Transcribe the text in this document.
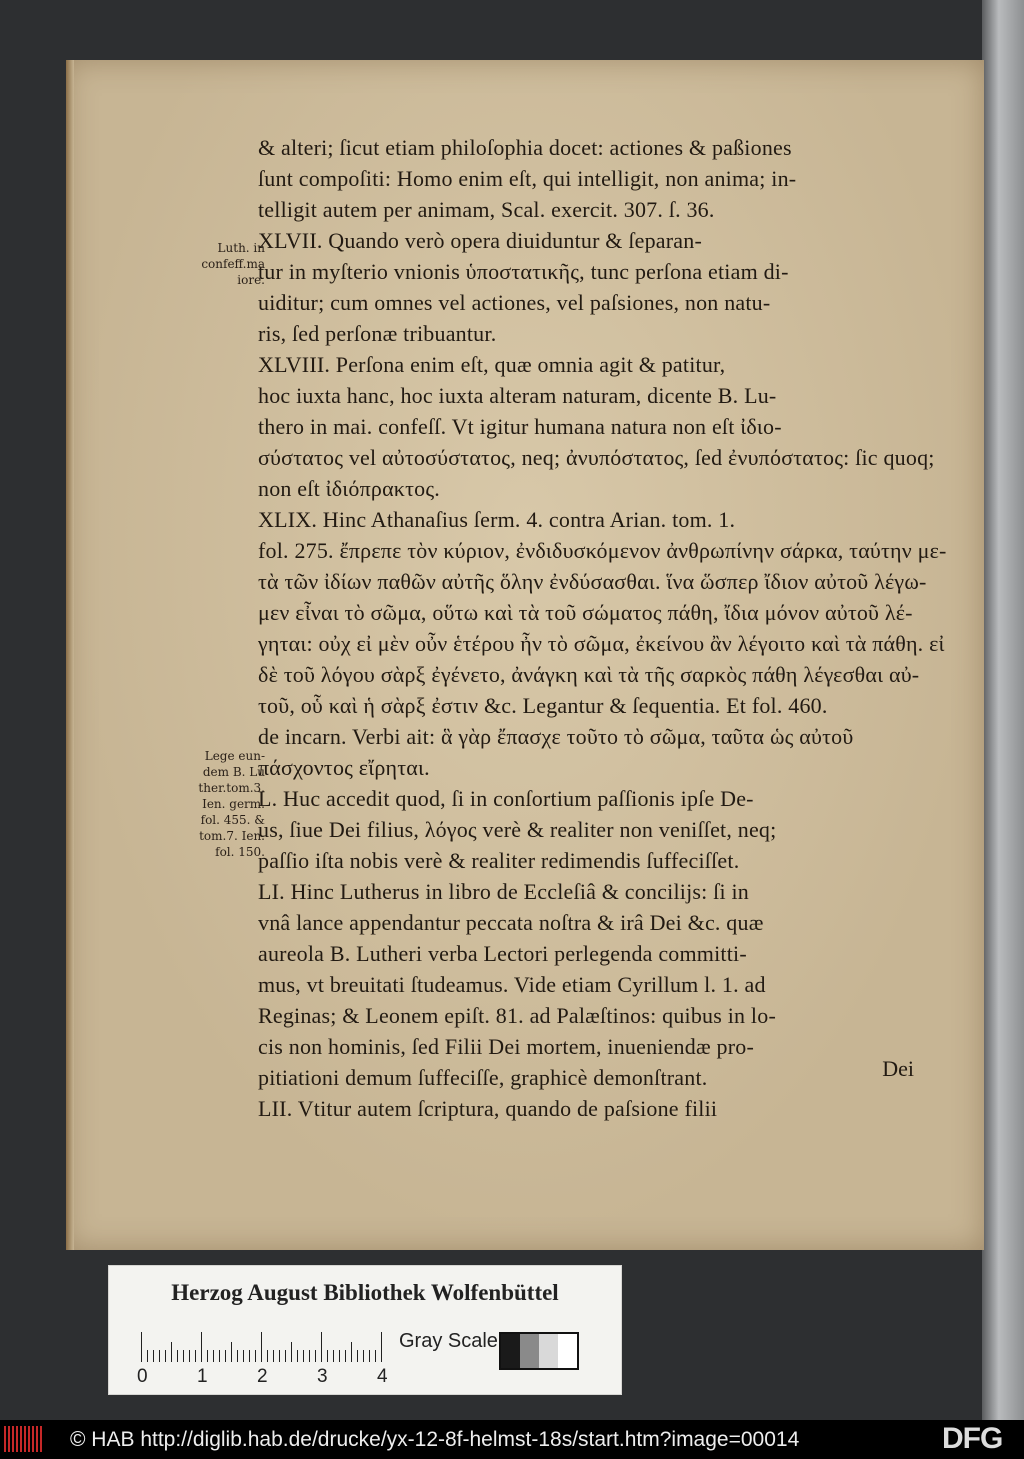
Luth. in
confeff.ma
iore.
Lege eun-
dem B. Lu
ther.tom.3.
Ien. germ.
fol. 455. &
tom.7. Ien.
fol. 150.
& alteri; ſicut etiam philoſophia docet: actiones & paßiones
ſunt compoſiti: Homo enim eſt, qui intelligit, non anima; in-
telligit autem per animam, Scal. exercit. 307. ſ. 36.
XLVII. Quando verò opera diuiduntur & ſeparan-
tur in myſterio vnionis ὑποστατικῆς, tunc perſona etiam di-
uiditur; cum omnes vel actiones, vel paſsiones, non natu-
ris, ſed perſonæ tribuantur.
XLVIII. Perſona enim eſt, quæ omnia agit & patitur,
hoc iuxta hanc, hoc iuxta alteram naturam, dicente B. Lu-
thero in mai. confeſſ. Vt igitur humana natura non eſt ἰδιο-
σύστατος vel αὐτοσύστατος, neq; ἀνυπόστατος, ſed ἐνυπόστατος: ſic quoq;
non eſt ἰδιόπρακτος.
XLIX. Hinc Athanaſius ſerm. 4. contra Arian. tom. 1.
fol. 275. ἔπρεπε τὸν κύριον, ἐνδιδυσκόμενον ἀνθρωπίνην σάρκα, ταύτην με-
τὰ τῶν ἰδίων παθῶν αὐτῆς ὅλην ἐνδύσασθαι. ἵνα ὥσπερ ἴδιον αὐτοῦ λέγω-
μεν εἶναι τὸ σῶμα, οὕτω καὶ τὰ τοῦ σώματος πάθη, ἴδια μόνον αὐτοῦ λέ-
γηται: οὐχ εἰ μὲν οὖν ἑτέρου ἦν τὸ σῶμα, ἐκείνου ἂν λέγοιτο καὶ τὰ πάθη. εἰ
δὲ τοῦ λόγου σὰρξ ἐγένετο, ἀνάγκη καὶ τὰ τῆς σαρκὸς πάθη λέγεσθαι αὐ-
τοῦ, οὗ καὶ ἡ σὰρξ ἐστιν &c. Legantur & ſequentia. Et fol. 460.
de incarn. Verbi ait: ἃ γὰρ ἔπασχε τοῦτο τὸ σῶμα, ταῦτα ὡς αὐτοῦ
πάσχοντος εἴρηται.
L. Huc accedit quod, ſi in conſortium paſſionis ipſe De-
us, ſiue Dei filius, λόγος verè & realiter non veniſſet, neq;
paſſio iſta nobis verè & realiter redimendis ſuffeciſſet.
LI. Hinc Lutherus in libro de Eccleſiâ & concilijs: ſi in
vnâ lance appendantur peccata noſtra & irâ Dei &c. quæ
aureola B. Lutheri verba Lectori perlegenda committi-
mus, vt breuitati ſtudeamus. Vide etiam Cyrillum l. 1. ad
Reginas; & Leonem epiſt. 81. ad Palæſtinos: quibus in lo-
cis non hominis, ſed Filii Dei mortem, inueniendæ pro-
pitiationi demum ſuffeciſſe, graphicè demonſtrant.
LII. Vtitur autem ſcriptura, quando de paſsione filii
Dei
Herzog August Bibliothek Wolfenbüttel
0	1	2	3	4
Gray Scale
© HAB http://diglib.hab.de/drucke/yx-12-8f-helmst-18s/start.htm?image=00014	DFG
